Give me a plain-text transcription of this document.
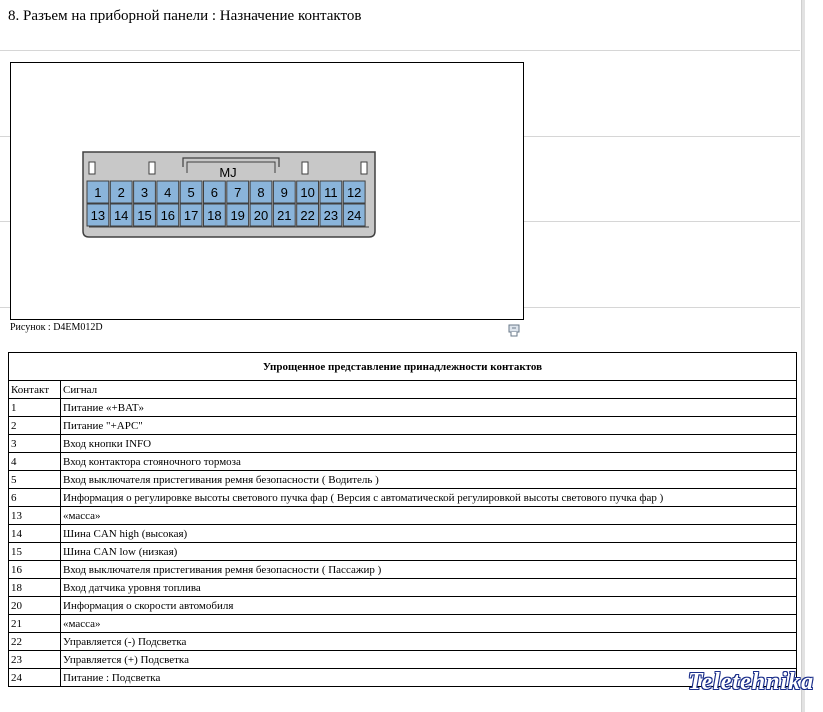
8. Разъем на приборной панели : Назначение контактов
MJ
1 2 3 4 5 6 7 8 9 10 11 12
13 14 15 16 17 18 19 20 21 22 23 24
Рисунок : D4EM012D
Упрощенное представление принадлежности контактов	
Контакт	Сигнал
1	Питание «+BAT»
2	Питание "+АРС"
3	Вход кнопки INFO
4	Вход контактора стояночного тормоза
5	Вход выключателя пристегивания ремня безопасности ( Водитель )
6	Информация о регулировке высоты светового пучка фар ( Версия с автоматической регулировкой высоты светового пучка фар )
13	«масса»
14	Шина CAN high (высокая)
15	Шина CAN low (низкая)
16	Вход выключателя пристегивания ремня безопасности ( Пассажир )
18	Вход датчика уровня топлива
20	Информация о скорости автомобиля
21	«масса»
22	Управляется (-) Подсветка
23	Управляется (+) Подсветка
24	Питание : Подсветка	Teletehnika
